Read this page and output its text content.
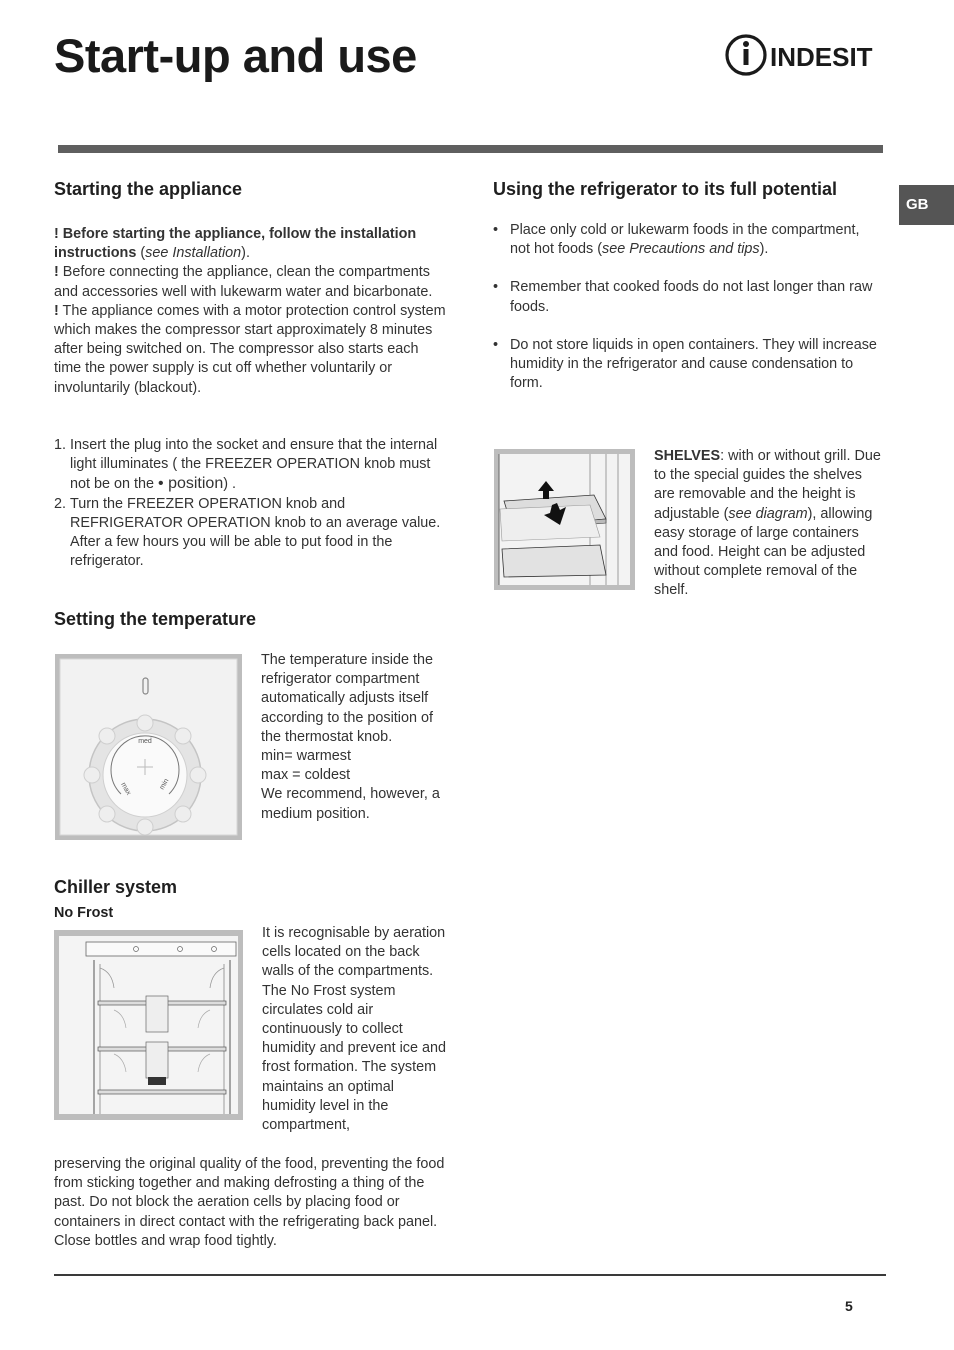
Start-up and use	INDESIT
GB
Starting the appliance

! Before starting the appliance, follow the installation instructions (see Installation).

! Before connecting the appliance, clean the compartments and accessories well with lukewarm water and bicarbonate.

! The appliance comes with a motor protection control system which makes the compressor start approximately 8 minutes after being switched on. The compressor also starts each time the power supply is cut off whether voluntarily or involuntarily (blackout).

1. Insert the plug into the socket and ensure that the internal light illuminates ( the FREEZER OPERATION knob must not be on the • position) .
2. Turn the FREEZER OPERATION knob and REFRIGERATOR OPERATION knob to an average value. After a few hours you will be able to put food in the refrigerator.
Setting the temperature
med
max	min

The temperature inside the refrigerator compartment automatically adjusts itself according to the position of the thermostat knob.

min= warmest

max = coldest

We recommend, however, a medium position.

Chiller system
No Frost
It is recognisable by aeration cells located on the back walls of the compartments. The No Frost system circulates cold air continuously to collect humidity and prevent ice and frost formation. The system maintains an optimal humidity level in the compartment,
preserving the original quality of the food, preventing the food from sticking together and making defrosting a thing of the past. Do not block the aeration cells by placing food or containers in direct contact with the refrigerating back panel. Close bottles and wrap food tightly.
Using the refrigerator to its full potential
• Place only cold or lukewarm foods in the compartment, not hot foods (see Precautions and tips).
• Remember that cooked foods do not last longer than raw foods.
• Do not store liquids in open containers. They will increase humidity in the refrigerator and cause condensation to form.
SHELVES: with or without grill. Due to the special guides the shelves are removable and the height is adjustable (see diagram), allowing easy storage of large containers and food. Height can be adjusted without complete removal of the shelf.
5
